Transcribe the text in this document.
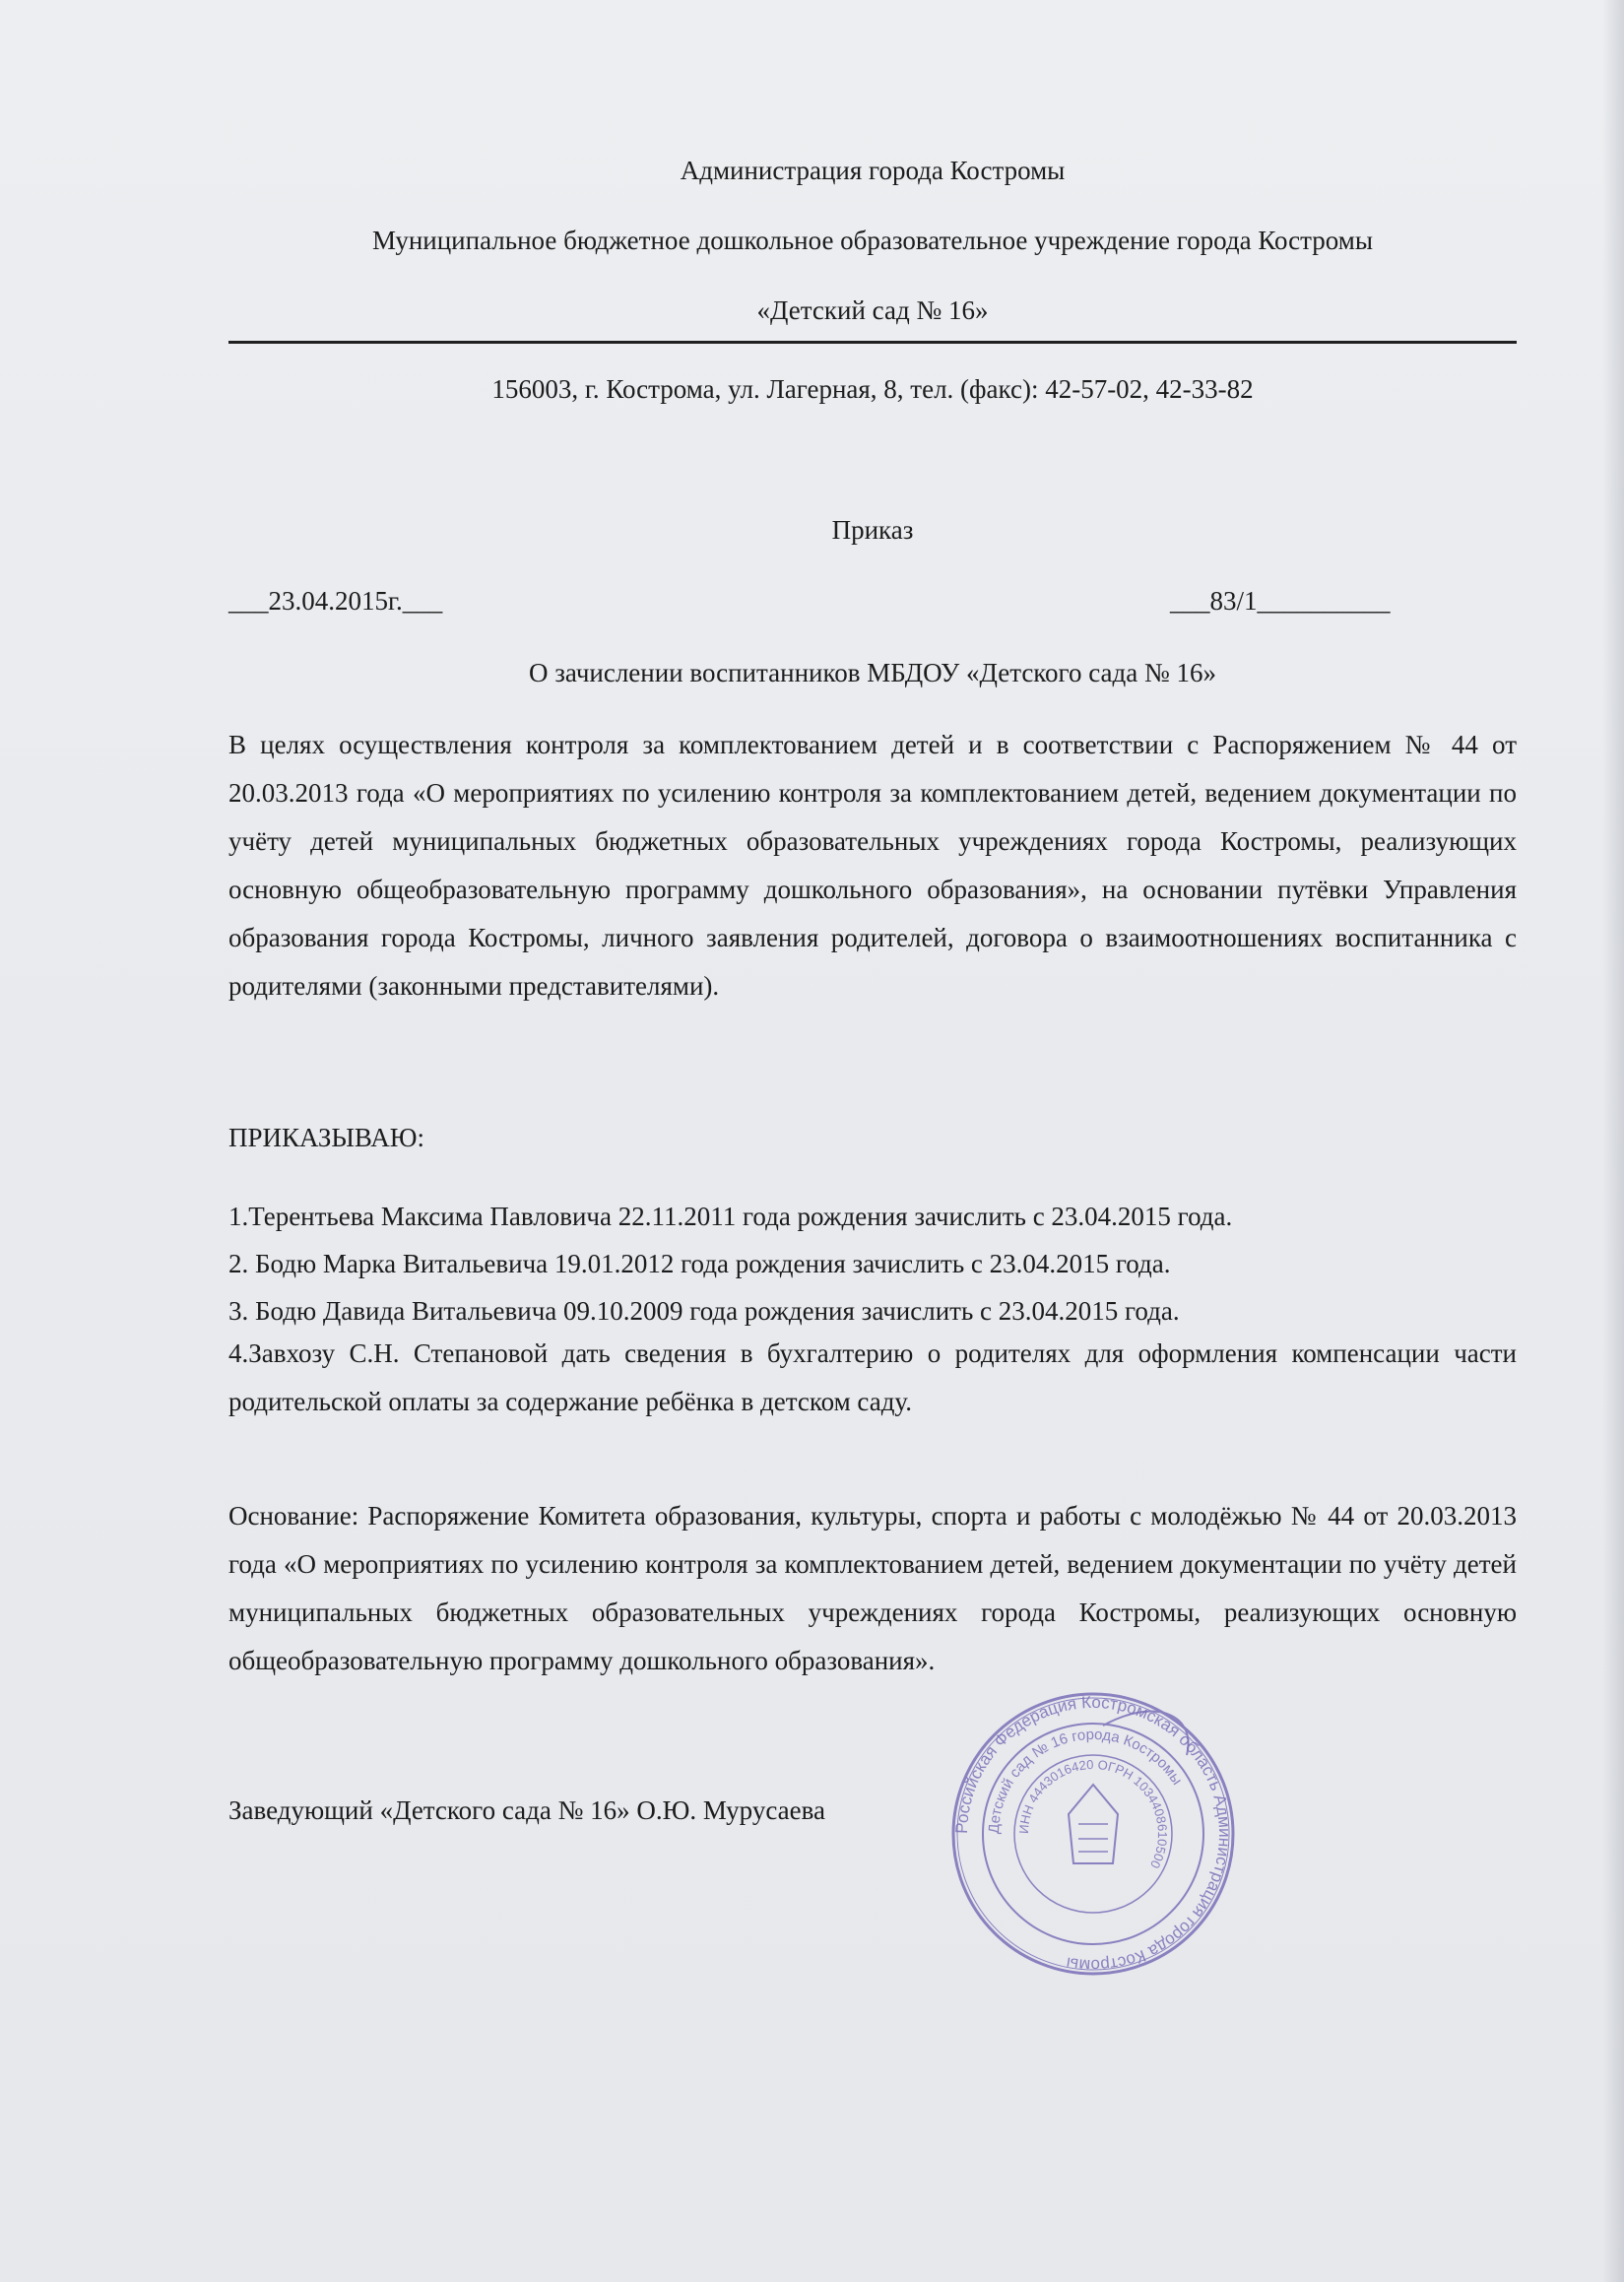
Администрация города Костромы
Муниципальное бюджетное дошкольное образовательное учреждение города Костромы
«Детский сад № 16»
156003, г. Кострома, ул. Лагерная, 8, тел. (факс): 42-57-02, 42-33-82
Приказ
___23.04.2015г.___	___83/1__________
О зачислении воспитанников МБДОУ «Детского сада № 16»
В целях осуществления контроля за комплектованием детей и в соответствии с Распоряжением № 44 от 20.03.2013 года «О мероприятиях по усилению контроля за комплектованием детей, ведением документации по учёту детей муниципальных бюджетных образовательных учреждениях города Костромы, реализующих основную общеобразовательную программу дошкольного образования», на основании путёвки Управления образования города Костромы, личного заявления родителей, договора о взаимоотношениях воспитанника с родителями (законными представителями).
ПРИКАЗЫВАЮ:
1.Терентьева Максима Павловича 22.11.2011 года рождения зачислить с 23.04.2015 года.
2. Бодю Марка Витальевича 19.01.2012 года рождения зачислить с 23.04.2015 года.
3. Бодю Давида Витальевича 09.10.2009 года рождения зачислить с 23.04.2015 года.
4.Завхозу С.Н. Степановой дать сведения в бухгалтерию о родителях для оформления компенсации части родительской оплаты за содержание ребёнка в детском саду.
Основание: Распоряжение Комитета образования, культуры, спорта и работы с молодёжью № 44 от 20.03.2013 года «О мероприятиях по усилению контроля за комплектованием детей, ведением документации по учёту детей муниципальных бюджетных образовательных учреждениях города Костромы, реализующих основную общеобразовательную программу дошкольного образования».
Заведующий «Детского сада № 16» О.Ю. Мурусаева
Российская Федерация Костромская область Администрация города Костромы
Детский сад № 16 города Костромы
ИНН 4443016420 ОГРН 1034408610500
